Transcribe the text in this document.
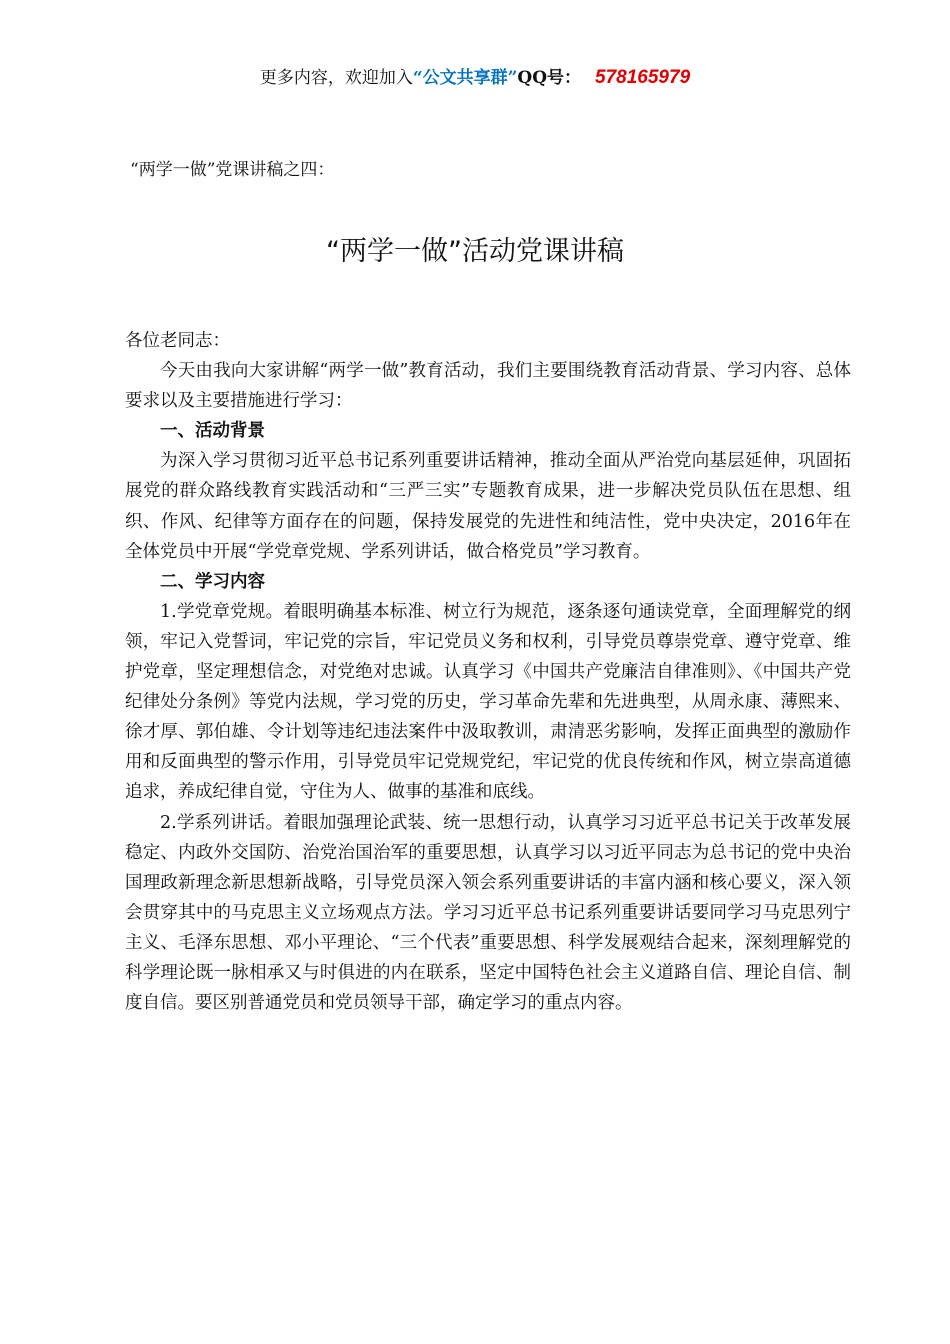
更多内容，欢迎加入“公文共享群”QQ号： 578165979
“两学一做”党课讲稿之四：
“两学一做”活动党课讲稿

各位老同志：

今天由我向大家讲解“两学一做”教育活动，我们主要围绕教育活动背景、学习内容、总体要求以及主要措施进行学习：

一、活动背景

为深入学习贯彻习近平总书记系列重要讲话精神，推动全面从严治党向基层延伸，巩固拓展党的群众路线教育实践活动和“三严三实”专题教育成果，进一步解决党员队伍在思想、组织、作风、纪律等方面存在的问题，保持发展党的先进性和纯洁性，党中央决定，2016年在全体党员中开展“学党章党规、学系列讲话，做合格党员”学习教育。

二、学习内容

1.学党章党规。着眼明确基本标准、树立行为规范，逐条逐句通读党章，全面理解党的纲领，牢记入党誓词，牢记党的宗旨，牢记党员义务和权利，引导党员尊崇党章、遵守党章、维护党章，坚定理想信念，对党绝对忠诚。认真学习《中国共产党廉洁自律准则》、《中国共产党纪律处分条例》等党内法规，学习党的历史，学习革命先辈和先进典型，从周永康、薄熙来、徐才厚、郭伯雄、令计划等违纪违法案件中汲取教训，肃清恶劣影响，发挥正面典型的激励作用和反面典型的警示作用，引导党员牢记党规党纪，牢记党的优良传统和作风，树立崇高道德追求，养成纪律自觉，守住为人、做事的基准和底线。

2.学系列讲话。着眼加强理论武装、统一思想行动，认真学习习近平总书记关于改革发展稳定、内政外交国防、治党治国治军的重要思想，认真学习以习近平同志为总书记的党中央治国理政新理念新思想新战略，引导党员深入领会系列重要讲话的丰富内涵和核心要义，深入领会贯穿其中的马克思主义立场观点方法。学习习近平总书记系列重要讲话要同学习马克思列宁主义、毛泽东思想、邓小平理论、“三个代表”重要思想、科学发展观结合起来，深刻理解党的科学理论既一脉相承又与时俱进的内在联系，坚定中国特色社会主义道路自信、理论自信、制度自信。要区别普通党员和党员领导干部，确定学习的重点内容。
